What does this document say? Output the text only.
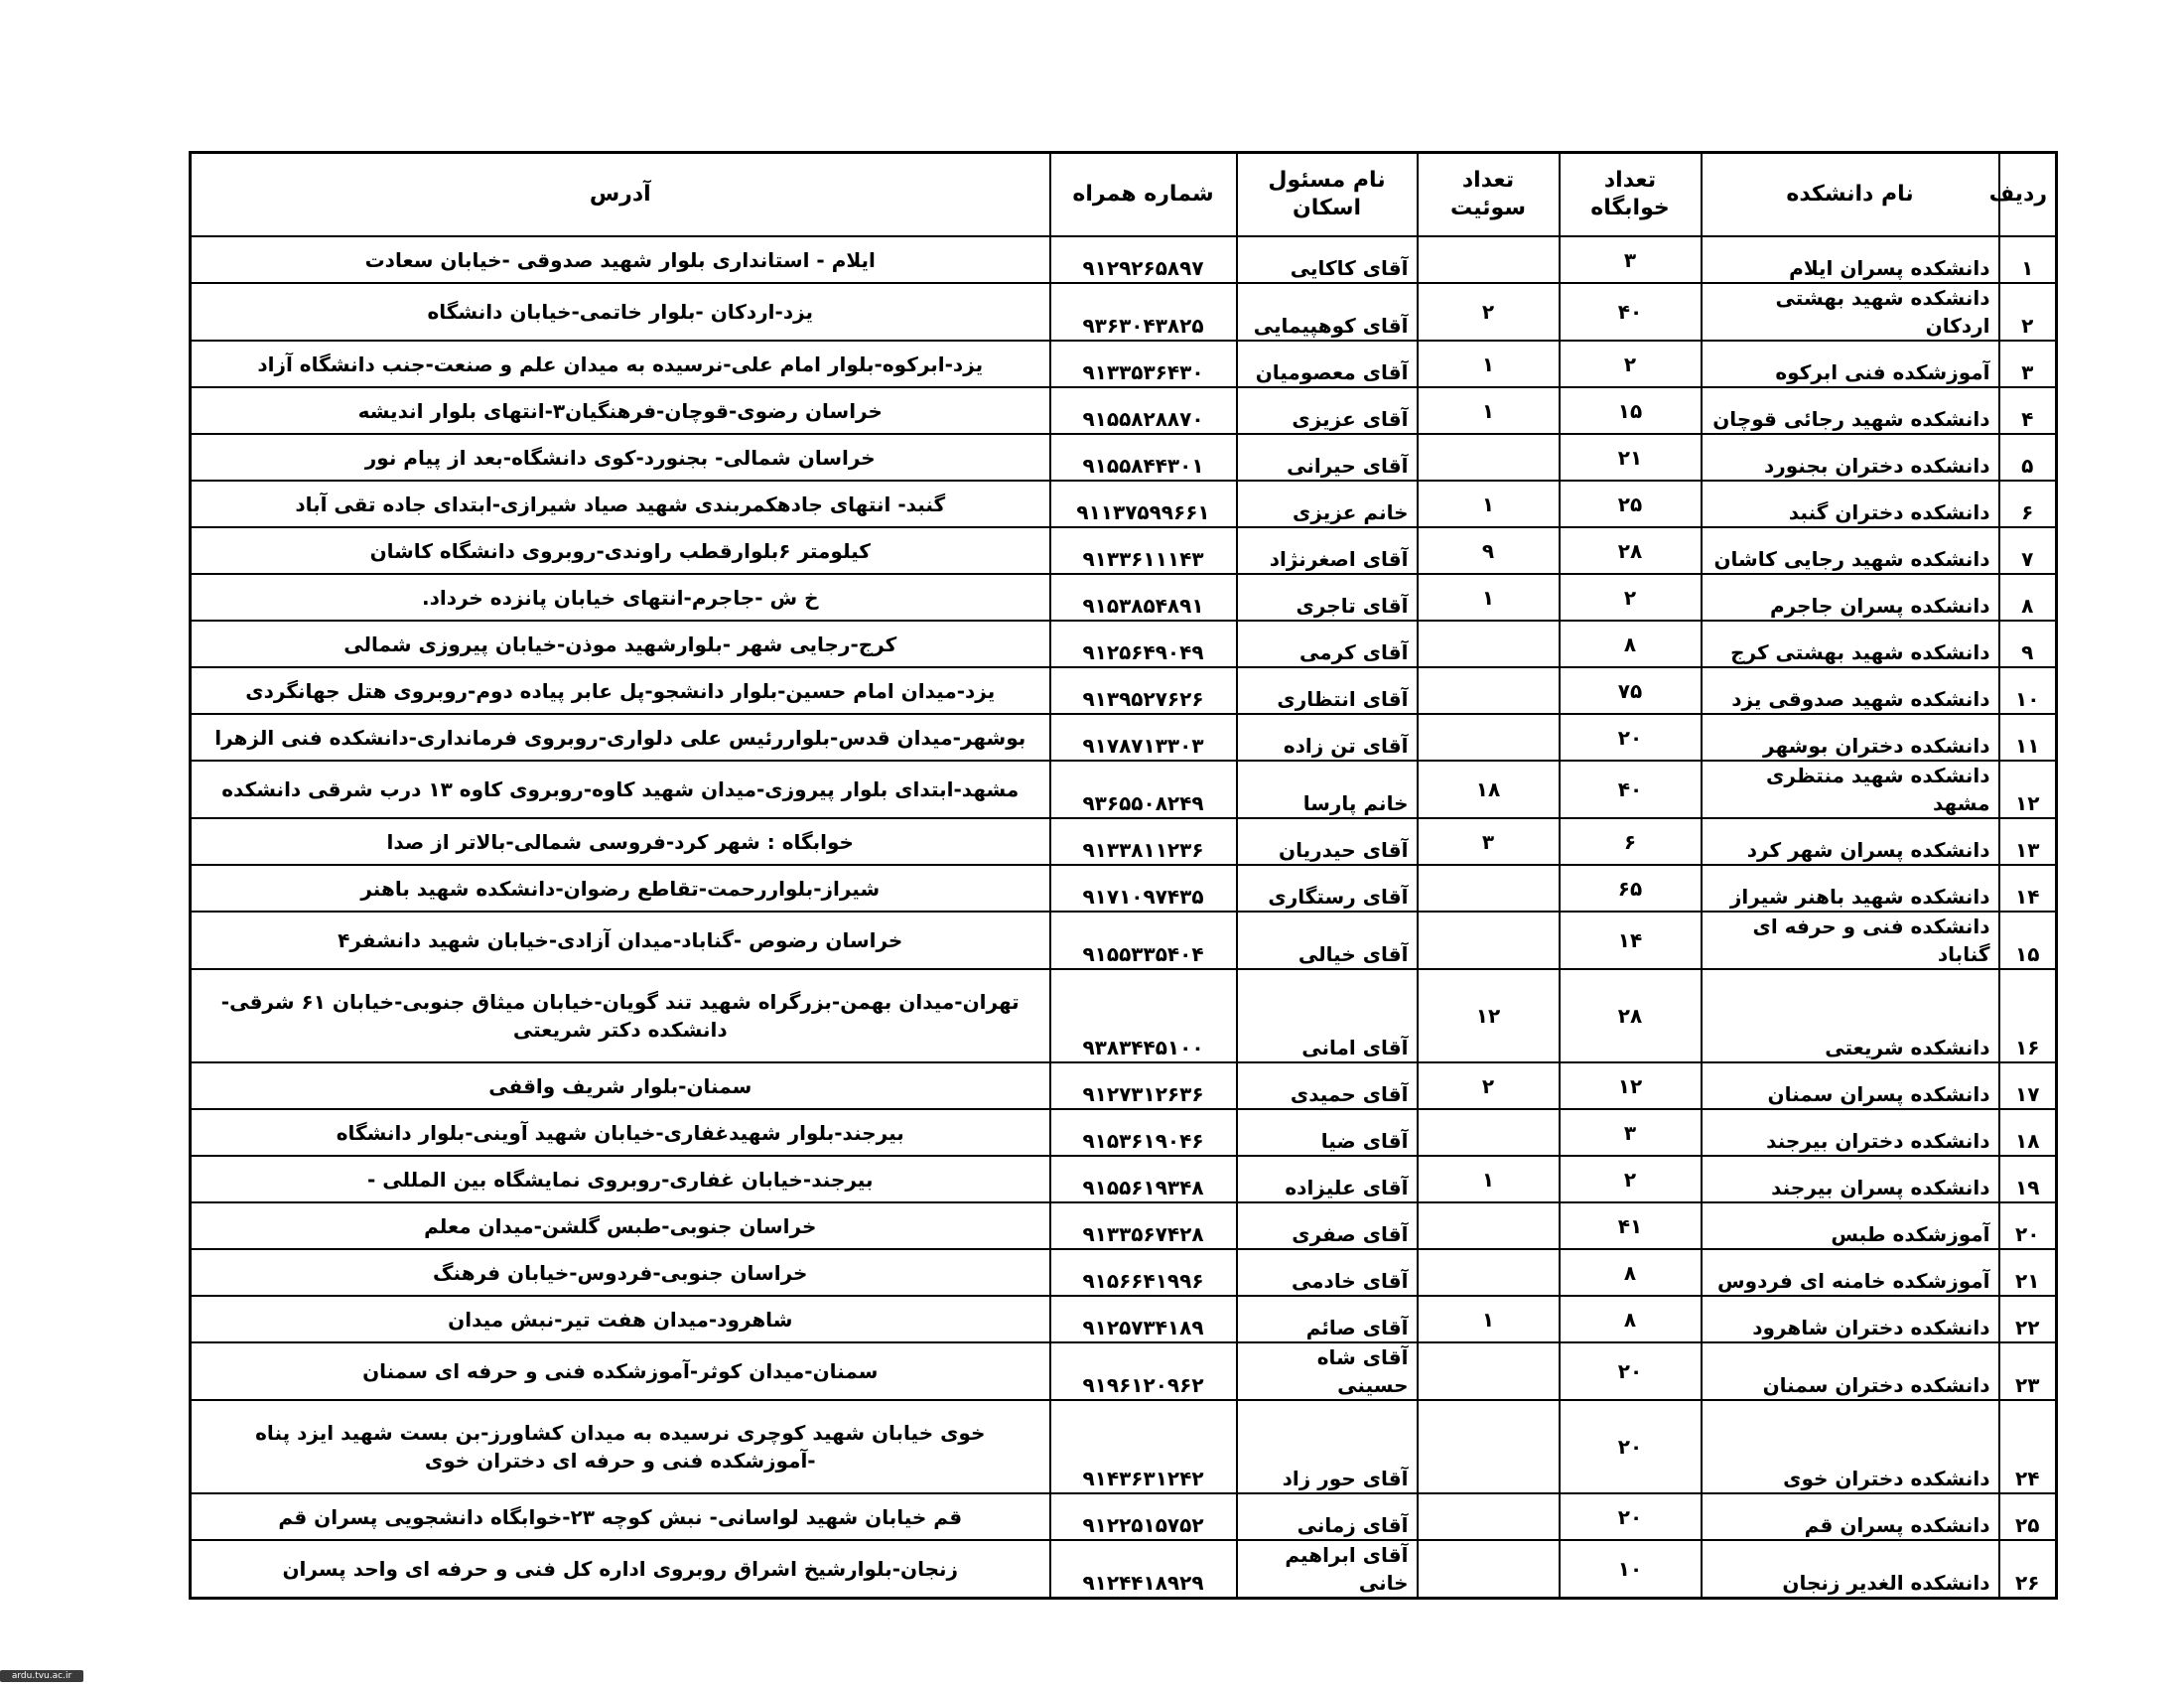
ردیف	نام دانشکده	تعداد خوابگاه	تعداد سوئیت	نام مسئول اسکان	شماره همراه	آدرس
۱	دانشکده پسران ایلام	۳		آقای کاکایی	۹۱۲۹۲۶۵۸۹۷	ایلام - استانداری بلوار شهید صدوقی -خیابان سعادت
۲	دانشکده شهید بهشتی اردکان	۴۰	۲	آقای کوهپیمایی	۹۳۶۳۰۴۳۸۲۵	یزد-اردکان -بلوار خاتمی-خیابان دانشگاه
۳	آموزشکده فنی ابرکوه	۲	۱	آقای معصومیان	۹۱۳۳۵۳۶۴۳۰	یزد-ابرکوه-بلوار امام علی-نرسیده به میدان علم و صنعت-جنب دانشگاه آزاد
۴	دانشکده شهید رجائی قوچان	۱۵	۱	آقای عزیزی	۹۱۵۵۸۲۸۸۷۰	خراسان رضوی-قوچان-فرهنگیان۳-انتهای بلوار اندیشه
۵	دانشکده دختران بجنورد	۲۱		آقای حیرانی	۹۱۵۵۸۴۴۳۰۱	خراسان شمالی- بجنورد-کوی دانشگاه-بعد از پیام نور
۶	دانشکده دختران گنبد	۲۵	۱	خانم عزیزی	۹۱۱۳۷۵۹۹۶۶۱	گنبد- انتهای جادهکمربندی شهید صیاد شیرازی-ابتدای جاده تقی آباد
۷	دانشکده شهید رجایی کاشان	۲۸	۹	آقای اصغرنژاد	۹۱۳۳۶۱۱۱۴۳	کیلومتر ۶بلوارقطب راوندی-روبروی دانشگاه کاشان
۸	دانشکده پسران جاجرم	۲	۱	آقای تاجری	۹۱۵۳۸۵۴۸۹۱	خ ش -جاجرم-انتهای خیابان پانزده خرداد.
۹	دانشکده شهید بهشتی کرج	۸		آقای کرمی	۹۱۲۵۶۴۹۰۴۹	کرج-رجایی شهر -بلوارشهید موذن-خیابان پیروزی شمالی
۱۰	دانشکده شهید صدوقی یزد	۷۵		آقای انتظاری	۹۱۳۹۵۲۷۶۲۶	یزد-میدان امام حسین-بلوار دانشجو-پل عابر پیاده دوم-روبروی هتل جهانگردی
۱۱	دانشکده دختران بوشهر	۲۰		آقای تن زاده	۹۱۷۸۷۱۳۳۰۳	بوشهر-میدان قدس-بلواررئیس علی دلواری-روبروی فرمانداری-دانشکده فنی الزهرا
۱۲	دانشکده شهید منتظری مشهد	۴۰	۱۸	خانم پارسا	۹۳۶۵۵۰۸۲۴۹	مشهد-ابتدای بلوار پیروزی-میدان شهید کاوه-روبروی کاوه ۱۳ درب شرقی دانشکده
۱۳	دانشکده پسران شهر کرد	۶	۳	آقای حیدریان	۹۱۳۳۸۱۱۲۳۶	خوابگاه : شهر کرد-فروسی شمالی-بالاتر از صدا
۱۴	دانشکده شهید باهنر شیراز	۶۵		آقای رستگاری	۹۱۷۱۰۹۷۴۳۵	شیراز-بلواررحمت-تقاطع رضوان-دانشکده شهید باهنر
۱۵	دانشکده فنی و حرفه ای گناباد	۱۴		آقای خیالی	۹۱۵۵۳۳۵۴۰۴	خراسان رضوص -گناباد-میدان آزادی-خیابان شهید دانشفر۴
۱۶	دانشکده شریعتی	۲۸	۱۲	آقای امانی	۹۳۸۳۴۴۵۱۰۰	تهران-میدان بهمن-بزرگراه شهید تند گویان-خیابان میثاق جنوبی-خیابان ۶۱ شرقی-دانشکده دکتر شریعتی
۱۷	دانشکده پسران سمنان	۱۲	۲	آقای حمیدی	۹۱۲۷۳۱۲۶۳۶	سمنان-بلوار شریف واقفی
۱۸	دانشکده دختران بیرجند	۳		آقای ضیا	۹۱۵۳۶۱۹۰۴۶	بیرجند-بلوار شهیدغفاری-خیابان شهید آوینی-بلوار دانشگاه
۱۹	دانشکده پسران بیرجند	۲	۱	آقای علیزاده	۹۱۵۵۶۱۹۳۴۸	بیرجند-خیابان غفاری-روبروی نمایشگاه بین المللی -
۲۰	آموزشکده طبس	۴۱		آقای صفری	۹۱۳۳۵۶۷۴۲۸	خراسان جنوبی-طبس گلشن-میدان معلم
۲۱	آموزشکده خامنه ای فردوس	۸		آقای خادمی	۹۱۵۶۶۴۱۹۹۶	خراسان جنوبی-فردوس-خیابان فرهنگ
۲۲	دانشکده دختران شاهرود	۸	۱	آقای صائم	۹۱۲۵۷۳۴۱۸۹	شاهرود-میدان هفت تیر-نبش میدان
۲۳	دانشکده دختران سمنان	۲۰		آقای شاه حسینی	۹۱۹۶۱۲۰۹۶۲	سمنان-میدان کوثر-آموزشکده فنی و حرفه ای سمنان
۲۴	دانشکده دختران خوی	۲۰		آقای حور زاد	۹۱۴۳۶۳۱۲۴۲	خوی خیابان شهید کوچری نرسیده به میدان کشاورز-بن بست شهید ایزد پناه -آموزشکده فنی و حرفه ای دختران خوی
۲۵	دانشکده پسران قم	۲۰		آقای زمانی	۹۱۲۲۵۱۵۷۵۲	قم خیابان شهید لواسانی- نبش کوچه ۲۳-خوابگاه دانشجویی پسران قم
۲۶	دانشکده الغدیر زنجان	۱۰		آقای ابراهیم خانی	۹۱۲۴۴۱۸۹۲۹	زنجان-بلوارشیخ اشراق روبروی اداره کل فنی و حرفه ای واحد پسران
ardu.tvu.ac.ir
